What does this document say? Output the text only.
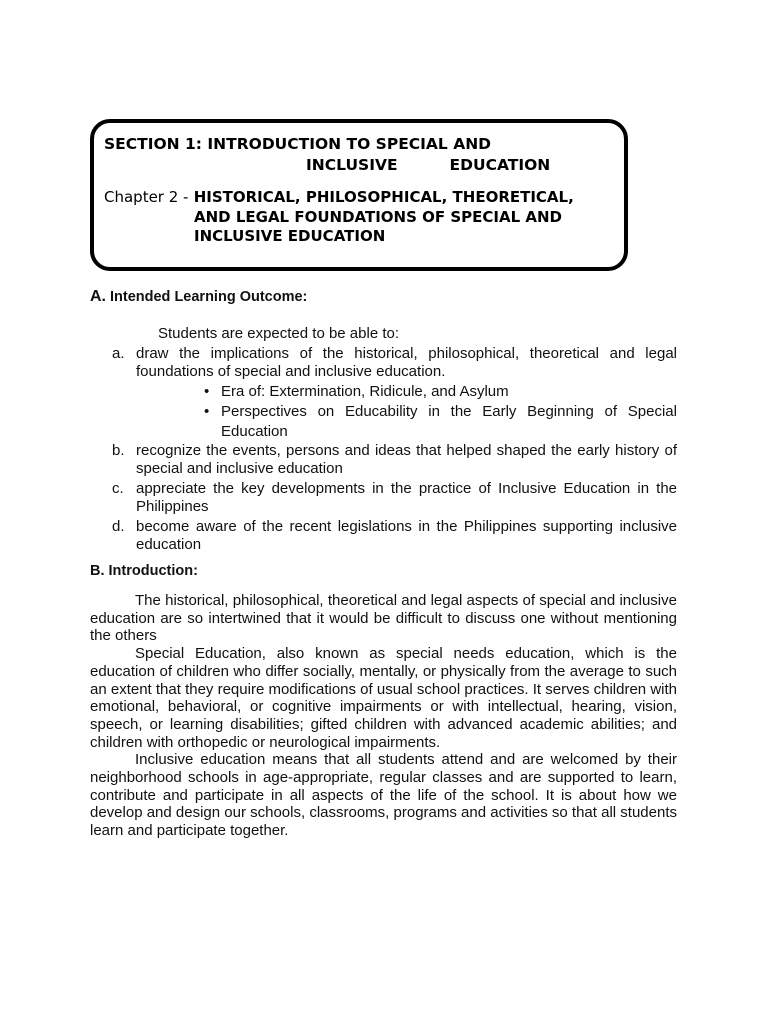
SECTION 1: INTRODUCTION TO SPECIAL AND
INCLUSIVE	EDUCATION
Chapter 2 - HISTORICAL, PHILOSOPHICAL, THEORETICAL,
AND LEGAL FOUNDATIONS OF SPECIAL AND
INCLUSIVE EDUCATION
A. Intended Learning Outcome:
Students are expected to be able to:
a. draw the implications of the historical, philosophical, theoretical and legal foundations of special and inclusive education.
• Era of: Extermination, Ridicule, and Asylum
• Perspectives on Educability in the Early Beginning of Special Education
b. recognize the events, persons and ideas that helped shaped the early history of special and inclusive education
c. appreciate the key developments in the practice of Inclusive Education in the Philippines
d. become aware of the recent legislations in the Philippines supporting inclusive education
B. Introduction:

The historical, philosophical, theoretical and legal aspects of special and inclusive education are so intertwined that it would be difficult to discuss one without mentioning the others

Special Education, also known as special needs education, which is the education of children who differ socially, mentally, or physically from the average to such an extent that they require modifications of usual school practices. It serves children with emotional, behavioral, or cognitive impairments or with intellectual, hearing, vision, speech, or learning disabilities; gifted children with advanced academic abilities; and children with orthopedic or neurological impairments.

Inclusive education means that all students attend and are welcomed by their neighborhood schools in age-appropriate, regular classes and are supported to learn, contribute and participate in all aspects of the life of the school. It is about how we develop and design our schools, classrooms, programs and activities so that all students learn and participate together.
